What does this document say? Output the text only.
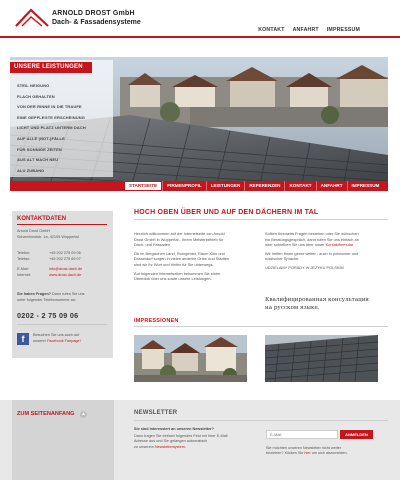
ARNOLD DROST GmbH
Dach- & Fassadensysteme
KONTAKT ANFAHRT IMPRESSUM
UNSERE LEISTUNGEN
STEIL NEIGUNG
FLACH GEHALTEN
VON DER RINNE IN DIE TRAUFE
EINE GEPFLEGTE ERSCHEINUNG
LICHT UND PLATZ UNTERM DACH
AUF ALLE (NOT-)FÄLLE
FÜR SONNIGE ZEITEN
AUS ALT MACH NEU
ALU ZUBAND
STARTSEITE	FIRMENPROFIL	LEISTUNGEN	REFERENZEN	KONTAKT	ANFAHRT	IMPRESSUM
KONTAKTDATEN
Arnold Drost GmbH
Schamhorststr. 1a, 42109 Wuppertal
Telefon:	+49 202 275 09 06
Telefax:	+49 202 275 69 07
E-Mail:	info@drost-dach.de
Internet:	www.drost-dach.de
Sie haben Fragen? Dann rufen Sie uns
unter folgender Telefonnummer an:
0202 - 2 75 09 06
f	Besuchen Sie uns auch auf
unserer Facebook Fanpage!
HOCH OBEN ÜBER UND AUF DEN DÄCHERN IM TAL
Herzlich willkommen auf der Internetseite von Arnold
Drost GmbH in Wuppertal - Ihrem Meisterbetrieb für
Dach- und Fassaden.
Ob im Bergischen Land, Ruhrgebiet, Raum Köln und
Düsseldorf sorgen in vielen anderen Orten und Städten
sind wir Ihr Wort und Helfer für Sie unterwegs.
Auf folgenden Internetseiten bekommen Sie einen
Überblick über uns sowie unsere Leistungen.
Sollten Ihrerseits Fragen bestehen oder Sie wünschen
ein Beratungsgespräch, dann rufen Sie uns einfach an
oder schreiben Sie uns über unser Kontaktformular.
Wir helfen Ihnen gerne weiter - auch in polnischer und
russischer Sprache.
UDZIELAMY PORADY W JEZYKU POLSKIM
Квалифицированная консультация
на русском языке.
IMPRESSIONEN
ZUM SEITENANFANG ▲	NEWSLETTER
Sie sind interessiert an unseren Newsletter?
Dann tragen Sie einfach folgendes Feld mit Ihrer E-Mail
Adresse aus und Sie gelangen automatisch
zu unserem Newslettersystem.
E-Mail
ANMELDEN
Sie möchten unseren Newsletter nicht weiter
beziehen? Klicken Sie hier um sich abzumelden.
